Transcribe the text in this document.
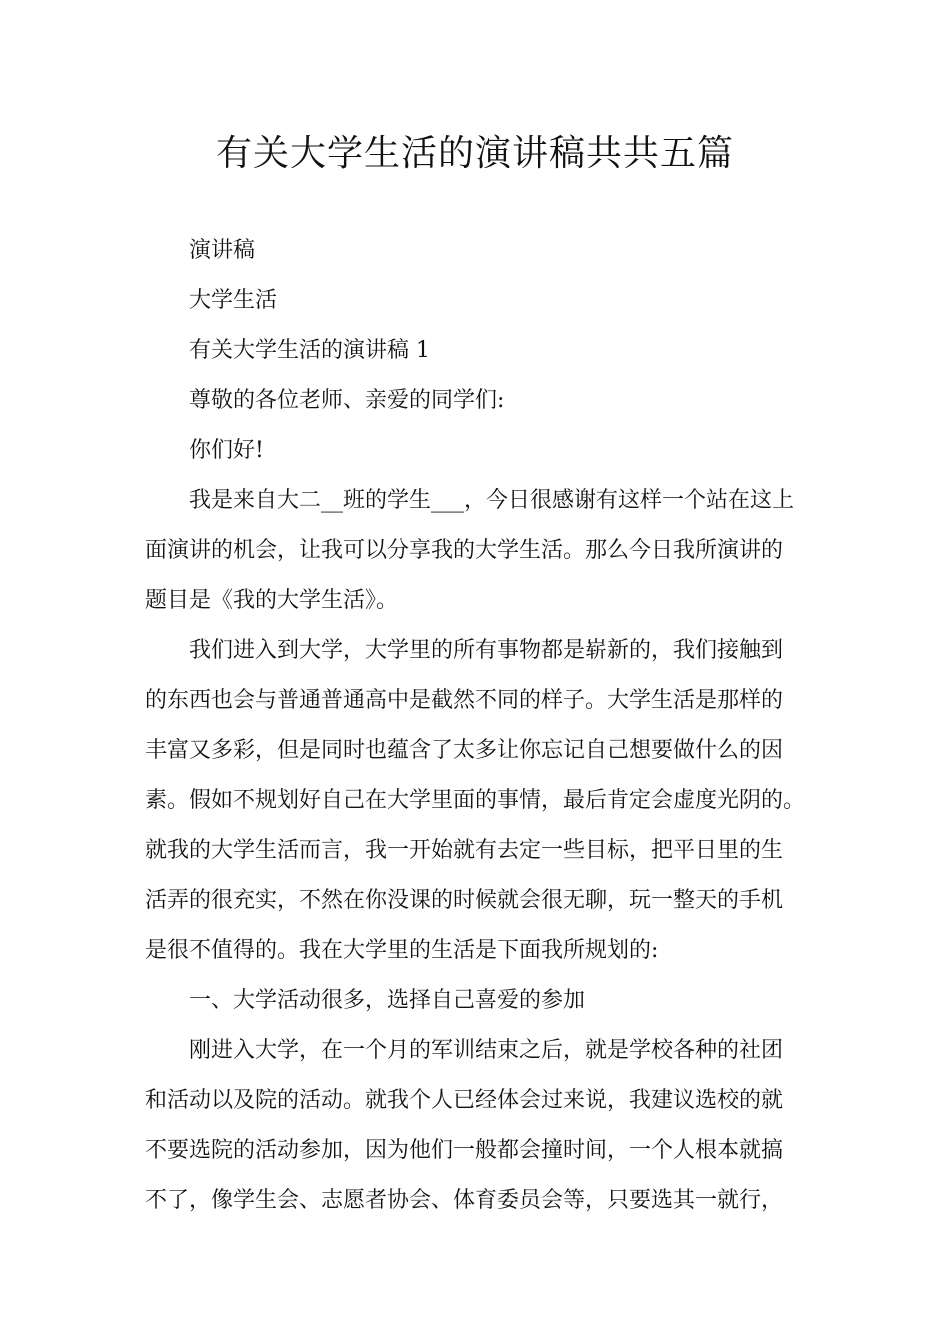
有关大学生活的演讲稿共共五篇

演讲稿

大学生活

有关大学生活的演讲稿 1

尊敬的各位老师、亲爱的同学们:

你们好!

我是来自大二__班的学生___，今日很感谢有这样一个站在这上

面演讲的机会，让我可以分享我的大学生活。那么今日我所演讲的

题目是《我的大学生活》。

我们进入到大学，大学里的所有事物都是崭新的，我们接触到

的东西也会与普通普通高中是截然不同的样子。大学生活是那样的

丰富又多彩，但是同时也蕴含了太多让你忘记自己想要做什么的因

素。假如不规划好自己在大学里面的事情，最后肯定会虚度光阴的。

就我的大学生活而言，我一开始就有去定一些目标，把平日里的生

活弄的很充实，不然在你没课的时候就会很无聊，玩一整天的手机

是很不值得的。我在大学里的生活是下面我所规划的:

一、大学活动很多，选择自己喜爱的参加

刚进入大学，在一个月的军训结束之后，就是学校各种的社团

和活动以及院的活动。就我个人已经体会过来说，我建议选校的就

不要选院的活动参加，因为他们一般都会撞时间，一个人根本就搞

不了，像学生会、志愿者协会、体育委员会等，只要选其一就行，
